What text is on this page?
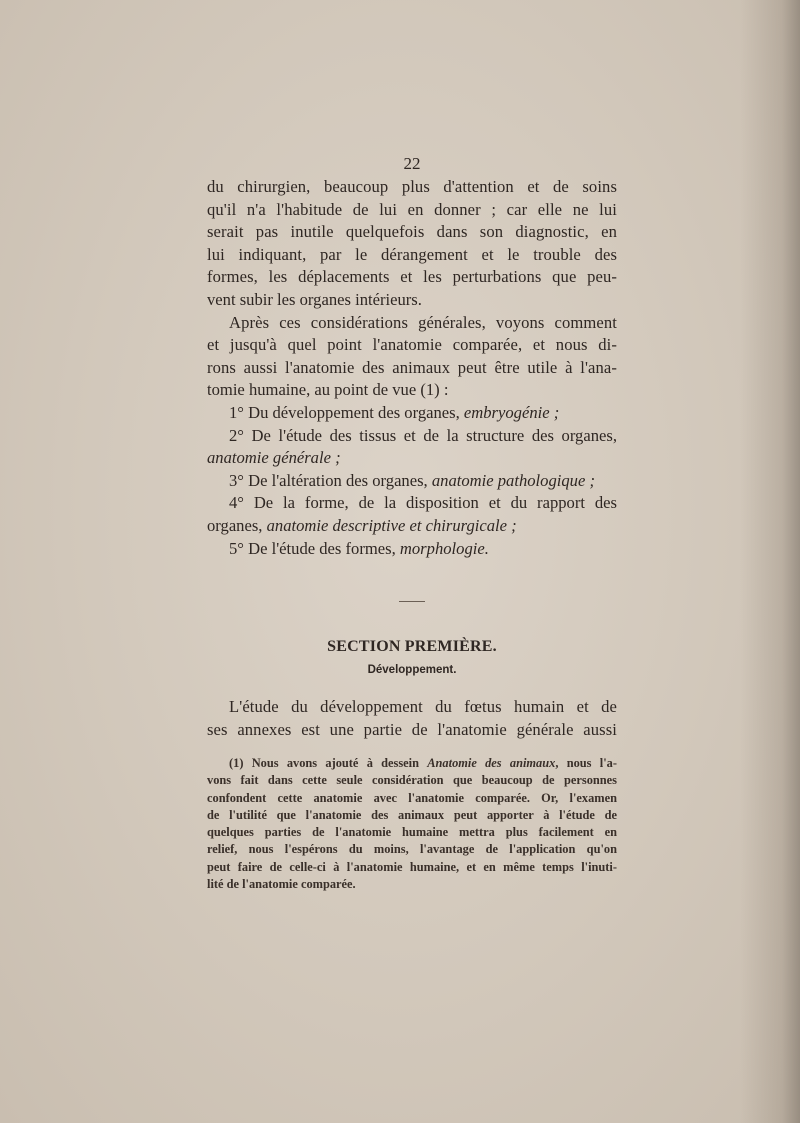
22
du chirurgien, beaucoup plus d'attention et de soins
qu'il n'a l'habitude de lui en donner ; car elle ne lui
serait pas inutile quelquefois dans son diagnostic, en
lui indiquant, par le dérangement et le trouble des
formes, les déplacements et les perturbations que peu-
vent subir les organes intérieurs.
Après ces considérations générales, voyons comment
et jusqu'à quel point l'anatomie comparée, et nous di-
rons aussi l'anatomie des animaux peut être utile à l'ana-
tomie humaine, au point de vue (1) :
1° Du développement des organes, embryogénie ;
2° De l'étude des tissus et de la structure des organes,
anatomie générale ;
3° De l'altération des organes, anatomie pathologique ;
4° De la forme, de la disposition et du rapport des
organes, anatomie descriptive et chirurgicale ;
5° De l'étude des formes, morphologie.
SECTION PREMIÈRE.
Développement.
L'étude du développement du fœtus humain et de
ses annexes est une partie de l'anatomie générale aussi
(1) Nous avons ajouté à dessein Anatomie des animaux, nous l'a-
vons fait dans cette seule considération que beaucoup de personnes
confondent cette anatomie avec l'anatomie comparée. Or, l'examen
de l'utilité que l'anatomie des animaux peut apporter à l'étude de
quelques parties de l'anatomie humaine mettra plus facilement en
relief, nous l'espérons du moins, l'avantage de l'application qu'on
peut faire de celle-ci à l'anatomie humaine, et en même temps l'inuti-
lité de l'anatomie comparée.
